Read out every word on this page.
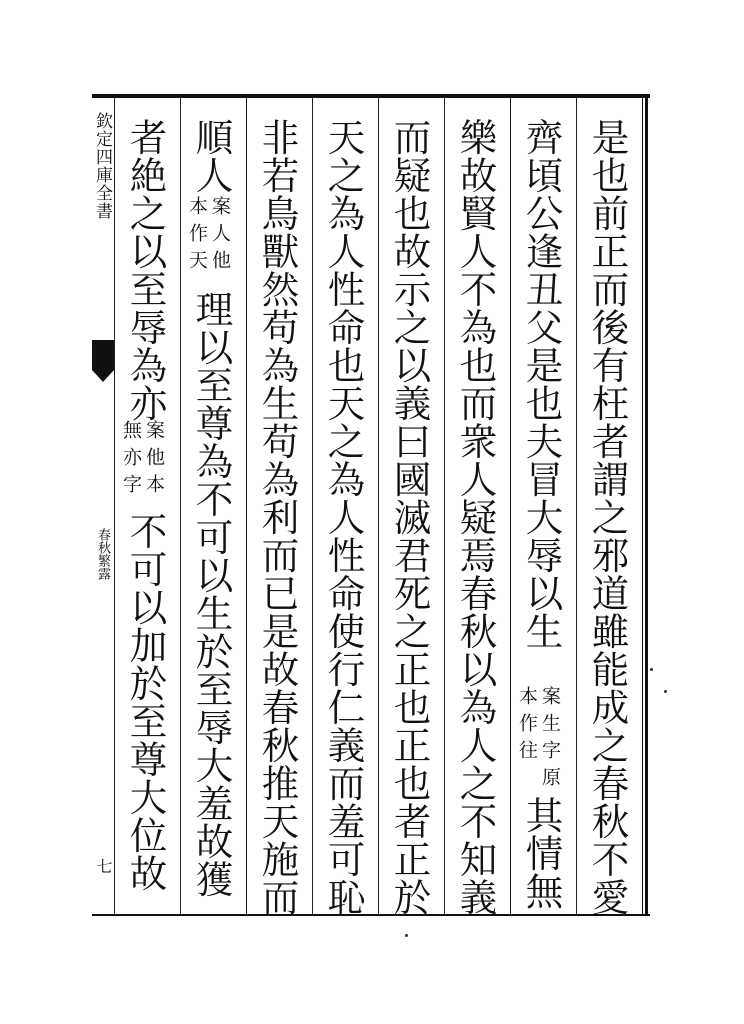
欽定四庫全書
春秋繁露
七	是也前正而後有枉者謂之邪道雖能成之春秋不愛
齊頃公逢丑父是也夫冒大辱以生
案生字原
本作往
其情無
樂故賢人不為也而衆人疑焉春秋以為人之不知義
而疑也故示之以義曰國滅君死之正也正也者正於
天之為人性命也天之為人性命使行仁義而羞可恥
非若鳥獸然苟為生苟為利而已是故春秋推天施而
順人
案人他
本作天
理以至尊為不可以生於至辱大羞故獲
者絶之以至辱為亦
案他本
無亦字
不可以加於至尊大位故
